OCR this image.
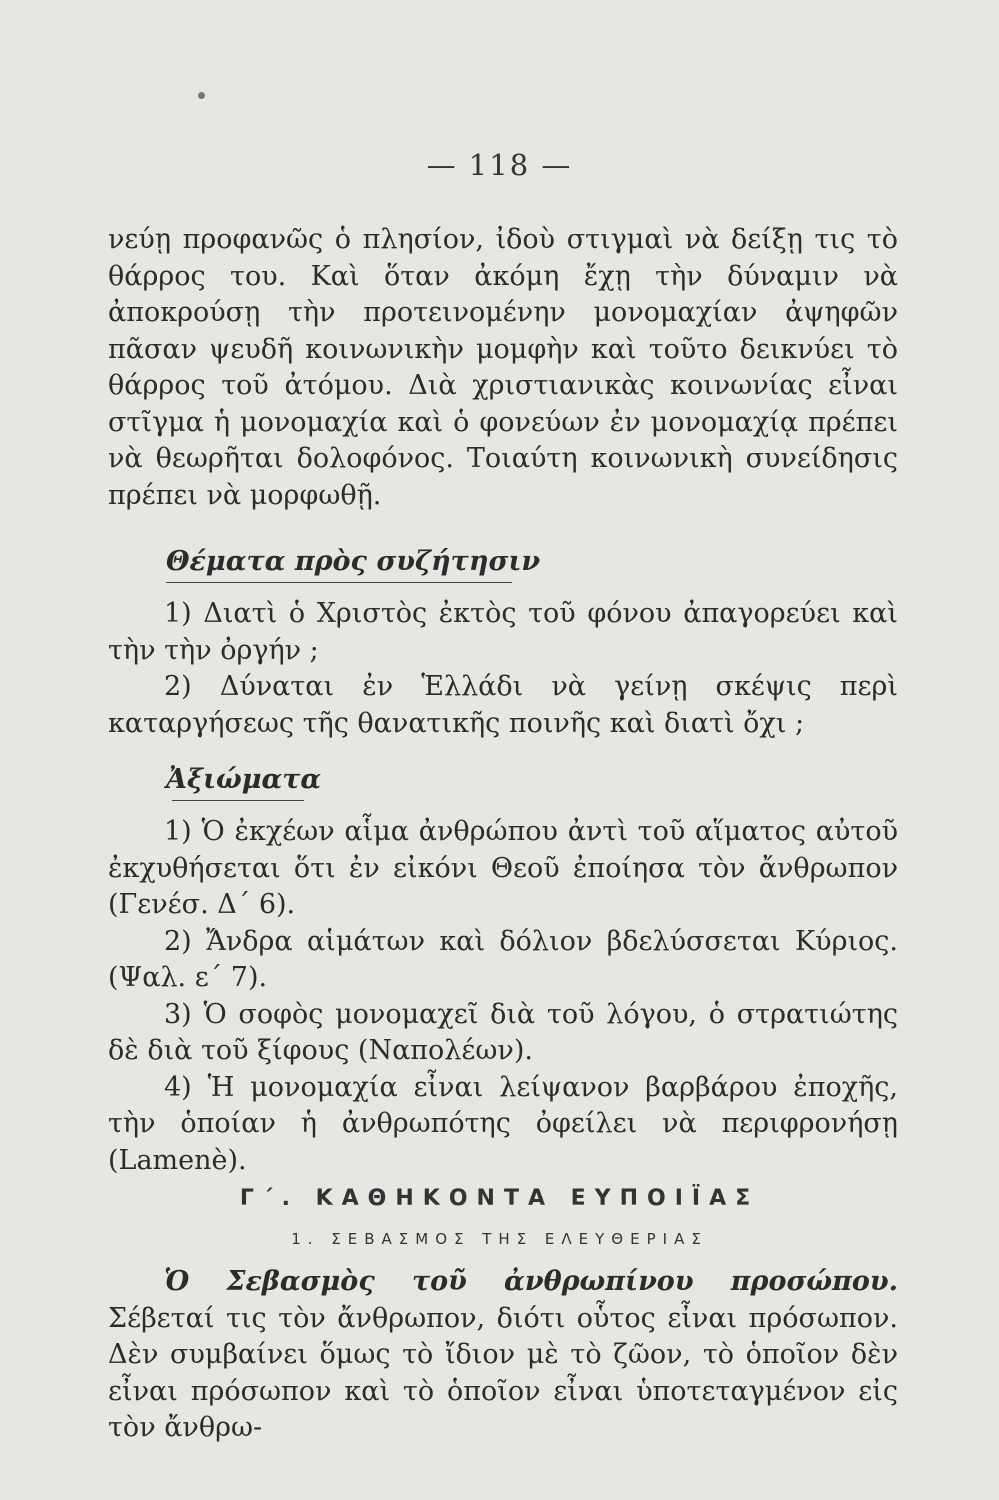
— 118 —

νεύῃ προφανῶς ὁ πλησίον, ἰδοὺ στιγμαὶ νὰ δείξῃ τις τὸ θάρρος του. Καὶ ὅταν ἀκόμη ἔχῃ τὴν δύναμιν νὰ ἀποκρούσῃ τὴν προτεινομένην μονομαχίαν ἀψηφῶν πᾶσαν ψευδῆ κοινωνικὴν μομφὴν καὶ τοῦτο δεικνύει τὸ θάρρος τοῦ ἀτόμου. Διὰ χριστιανικὰς κοινωνίας εἶναι στῖγμα ἡ μονομαχία καὶ ὁ φονεύων ἐν μονομαχίᾳ πρέπει νὰ θεωρῆται δολοφόνος. Τοιαύτη κοινωνικὴ συνείδησις πρέπει νὰ μορφωθῇ.

Θέματα πρὸς συζήτησιν

1) Διατὶ ὁ Χριστὸς ἐκτὸς τοῦ φόνου ἀπαγορεύει καὶ τὴν τὴν ὀργήν ;

2) Δύναται ἐν Ἑλλάδι νὰ γείνῃ σκέψις περὶ καταργήσεως τῆς θανατικῆς ποινῆς καὶ διατὶ ὄχι ;

Ἀξιώματα

1) Ὁ ἐκχέων αἷμα ἀνθρώπου ἀντὶ τοῦ αἵματος αὐτοῦ ἐκχυθήσεται ὅτι ἐν εἰκόνι Θεοῦ ἐποίησα τὸν ἄνθρωπον (Γενέσ. Δ΄ 6).

2) Ἄνδρα αἱμάτων καὶ δόλιον βδελύσσεται Κύριος. (Ψαλ. ε΄ 7).

3) Ὁ σοφὸς μονομαχεῖ διὰ τοῦ λόγου, ὁ στρατιώτης δὲ διὰ τοῦ ξίφους (Ναπολέων).

4) Ἡ μονομαχία εἶναι λείψανον βαρβάρου ἐποχῆς, τὴν ὁποίαν ἡ ἀνθρωπότης ὀφείλει νὰ περιφρονήσῃ (Lamenè).

Γ΄. ΚΑΘΗΚΟΝΤΑ ΕΥΠΟΙΪΑΣ
1. ΣΕΒΑΣΜΟΣ ΤΗΣ ΕΛΕΥΘΕΡΙΑΣ

Ὁ Σεβασμὸς τοῦ ἀνθρωπίνου προσώπου. Σέβεταί τις τὸν ἄνθρωπον, διότι οὗτος εἶναι πρόσωπον. Δὲν συμβαίνει ὅμως τὸ ἴδιον μὲ τὸ ζῶον, τὸ ὁποῖον δὲν εἶναι πρόσωπον καὶ τὸ ὁποῖον εἶναι ὑποτεταγμένον εἰς τὸν ἄνθρω-
